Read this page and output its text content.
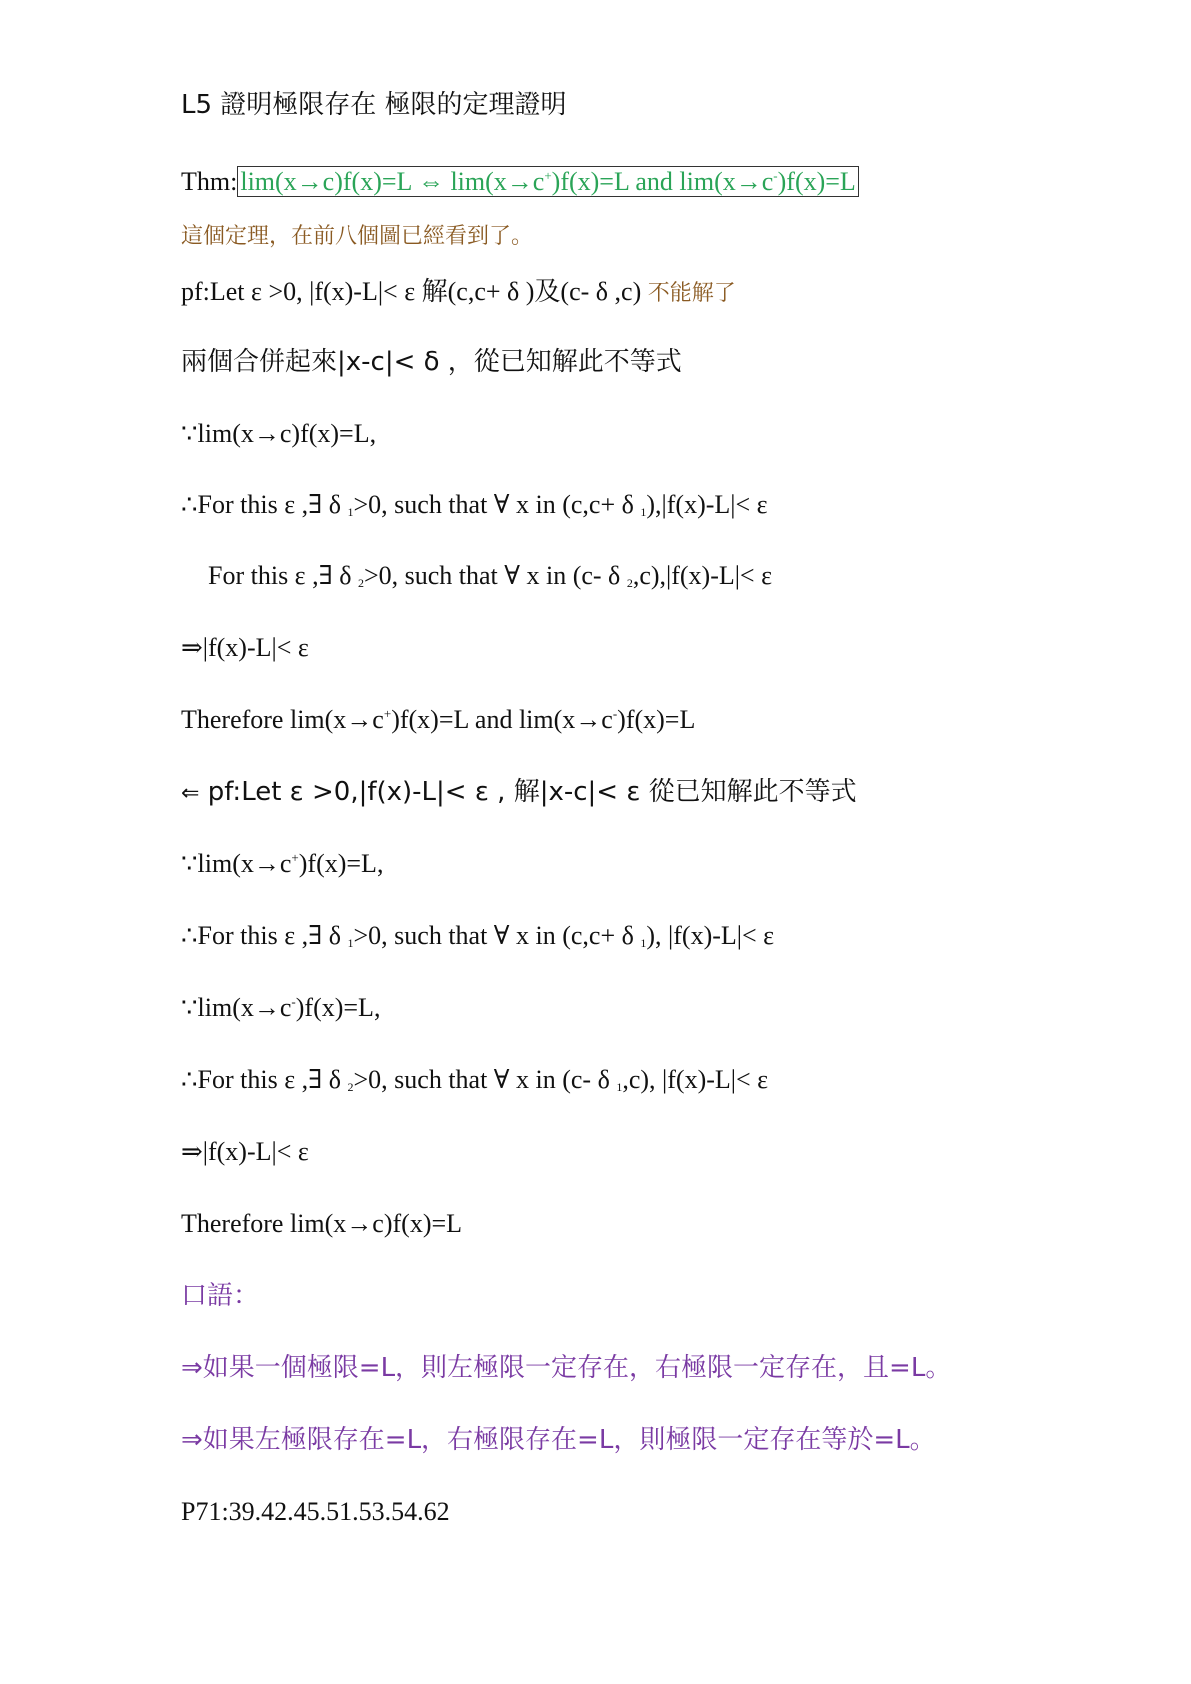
L5 證明極限存在 極限的定理證明
Thm: lim(x→c)f(x)=L ⇔ lim(x→c+)f(x)=L and lim(x→c-)f(x)=L
這個定理，在前八個圖已經看到了。
pf:Let ε >0, |f(x)-L|< ε 解(c,c+ δ )及(c- δ ,c) 不能解了
兩個合併起來|x-c|< δ ，從已知解此不等式
∵lim(x→c)f(x)=L,
∴For this ε ,∃ δ $_1$>0, such that ∀ x in (c,c+ δ $_1$),|f(x)-L|< ε
For this ε ,∃ δ $_2$>0, such that ∀ x in (c- δ $_2$,c),|f(x)-L|< ε
⇒|f(x)-L|< ε
Therefore lim(x→c+)f(x)=L and lim(x→c-)f(x)=L
⇐ pf:Let ε >0,|f(x)-L|< ε , 解|x-c|< ε 從已知解此不等式
∵lim(x→c+)f(x)=L,
∴For this ε ,∃ δ $_1$>0, such that ∀ x in (c,c+ δ $_1$), |f(x)-L|< ε
∵lim(x→c-)f(x)=L,
∴For this ε ,∃ δ $_2$>0, such that ∀ x in (c- δ $_1$,c), |f(x)-L|< ε
⇒|f(x)-L|< ε
Therefore lim(x→c)f(x)=L
口語：
⇒如果一個極限=L，則左極限一定存在，右極限一定存在，且=L。
⇒如果左極限存在=L，右極限存在=L，則極限一定存在等於=L。
P71:39.42.45.51.53.54.62
